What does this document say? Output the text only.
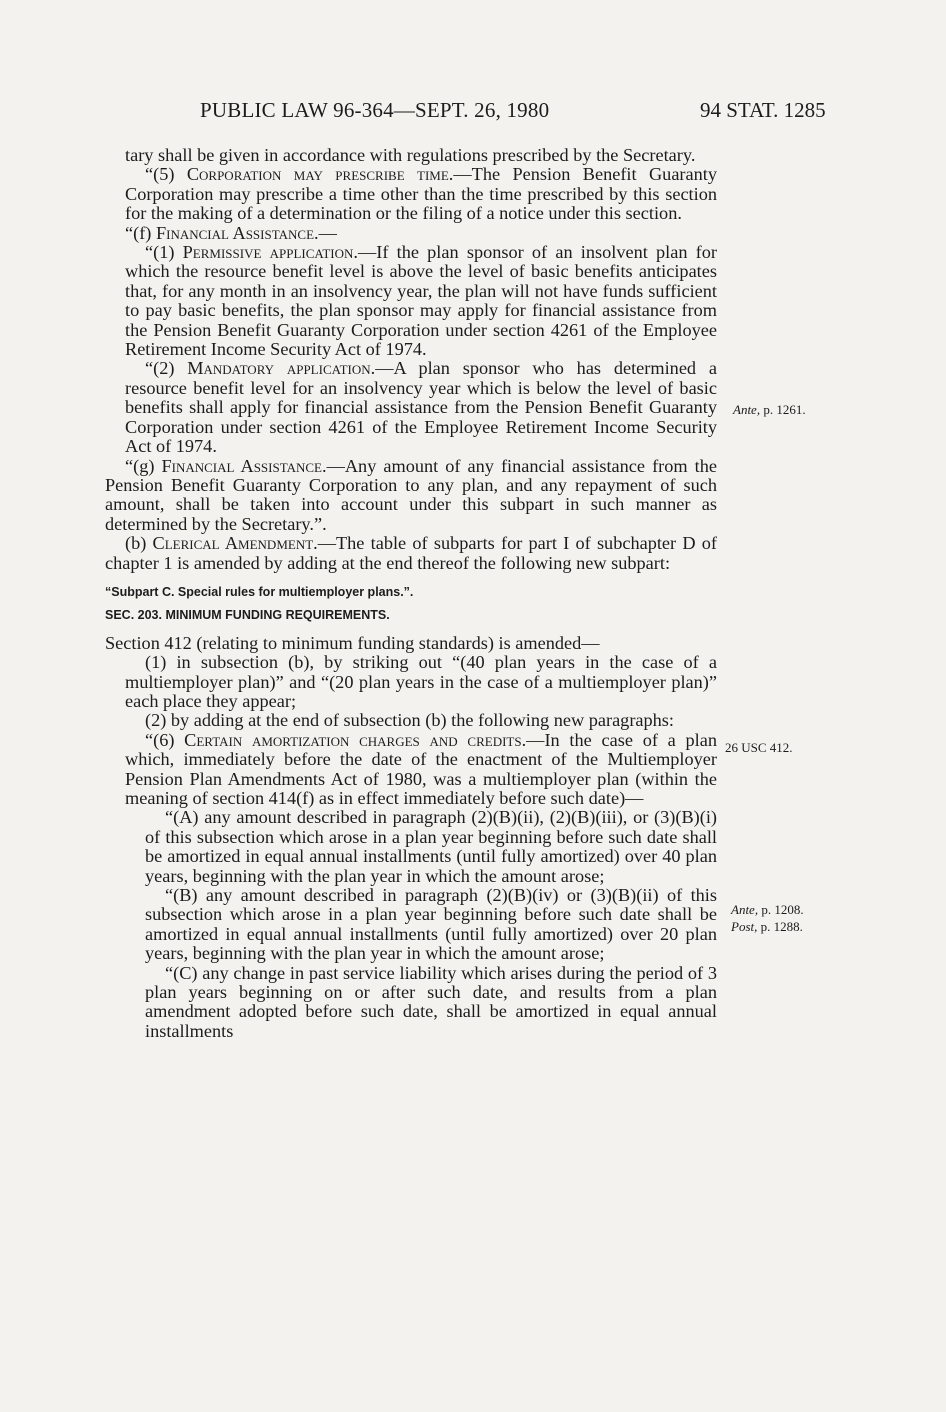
PUBLIC LAW 96-364—SEPT. 26, 1980	94 STAT. 1285

tary shall be given in accordance with regulations prescribed by the Secretary.

“(5) Corporation may prescribe time.—The Pension Benefit Guaranty Corporation may prescribe a time other than the time prescribed by this section for the making of a determination or the filing of a notice under this section.

“(f) Financial Assistance.—

“(1) Permissive application.—If the plan sponsor of an insolvent plan for which the resource benefit level is above the level of basic benefits anticipates that, for any month in an insolvency year, the plan will not have funds sufficient to pay basic benefits, the plan sponsor may apply for financial assistance from the Pension Benefit Guaranty Corporation under section 4261 of the Employee Retirement Income Security Act of 1974.

“(2) Mandatory application.—A plan sponsor who has determined a resource benefit level for an insolvency year which is below the level of basic benefits shall apply for financial assistance from the Pension Benefit Guaranty Corporation under section 4261 of the Employee Retirement Income Security Act of 1974.

“(g) Financial Assistance.—Any amount of any financial assistance from the Pension Benefit Guaranty Corporation to any plan, and any repayment of such amount, shall be taken into account under this subpart in such manner as determined by the Secretary.”.

(b) Clerical Amendment.—The table of subparts for part I of subchapter D of chapter 1 is amended by adding at the end thereof the following new subpart:

“Subpart C. Special rules for multiemployer plans.”.

SEC. 203. MINIMUM FUNDING REQUIREMENTS.

Section 412 (relating to minimum funding standards) is amended—

(1) in subsection (b), by striking out “(40 plan years in the case of a multiemployer plan)” and “(20 plan years in the case of a multiemployer plan)” each place they appear;

(2) by adding at the end of subsection (b) the following new paragraphs:

“(6) Certain amortization charges and credits.—In the case of a plan which, immediately before the date of the enactment of the Multiemployer Pension Plan Amendments Act of 1980, was a multiemployer plan (within the meaning of section 414(f) as in effect immediately before such date)—

“(A) any amount described in paragraph (2)(B)(ii), (2)(B)(iii), or (3)(B)(i) of this subsection which arose in a plan year beginning before such date shall be amortized in equal annual installments (until fully amortized) over 40 plan years, beginning with the plan year in which the amount arose;

“(B) any amount described in paragraph (2)(B)(iv) or (3)(B)(ii) of this subsection which arose in a plan year beginning before such date shall be amortized in equal annual installments (until fully amortized) over 20 plan years, beginning with the plan year in which the amount arose;

“(C) any change in past service liability which arises during the period of 3 plan years beginning on or after such date, and results from a plan amendment adopted before such date, shall be amortized in equal annual installments

Ante, p. 1261.
26 USC 412.
Ante, p. 1208.
Post, p. 1288.
